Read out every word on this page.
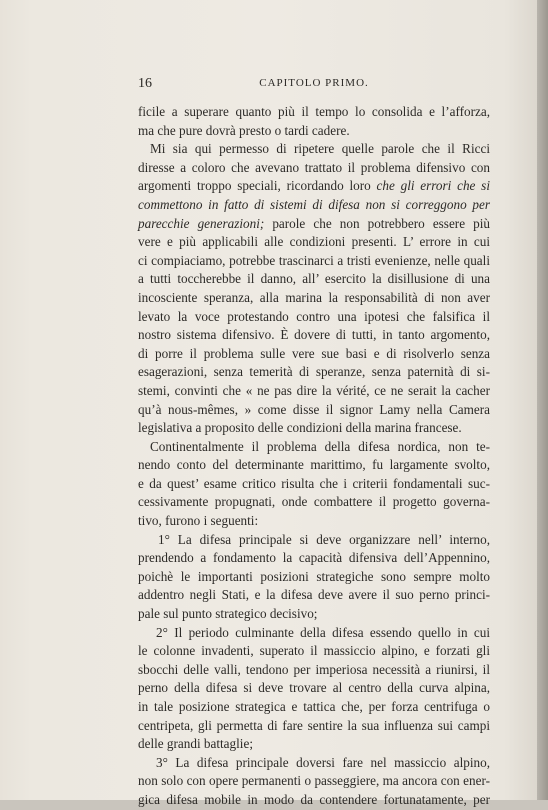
16	CAPITOLO PRIMO.
ficile a superare quanto più il tempo lo consolida e l’afforza,
ma che pure dovrà presto o tardi cadere.
Mi sia qui permesso di ripetere quelle parole che il Ricci
diresse a coloro che avevano trattato il problema difensivo con
argomenti troppo speciali, ricordando loro che gli errori che si
commettono in fatto di sistemi di difesa non si correggono per
parecchie generazioni; parole che non potrebbero essere più
vere e più applicabili alle condizioni presenti. L’ errore in cui
ci compiaciamo, potrebbe trascinarci a tristi evenienze, nelle quali
a tutti toccherebbe il danno, all’ esercito la disillusione di una
incosciente speranza, alla marina la responsabilità di non aver
levato la voce protestando contro una ipotesi che falsifica il
nostro sistema difensivo. È dovere di tutti, in tanto argomento,
di porre il problema sulle vere sue basi e di risolverlo senza
esagerazioni, senza temerità di speranze, senza paternità di si-
stemi, convinti che « ne pas dire la vérité, ce ne serait la cacher
qu’à nous-mêmes, » come disse il signor Lamy nella Camera
legislativa a proposito delle condizioni della marina francese.
Continentalmente il problema della difesa nordica, non te-
nendo conto del determinante marittimo, fu largamente svolto,
e da quest’ esame critico risulta che i criterii fondamentali suc-
cessivamente propugnati, onde combattere il progetto governa-
tivo, furono i seguenti:
1° La difesa principale si deve organizzare nell’ interno,
prendendo a fondamento la capacità difensiva dell’Appennino,
poichè le importanti posizioni strategiche sono sempre molto
addentro negli Stati, e la difesa deve avere il suo perno princi-
pale sul punto strategico decisivo;
2° Il periodo culminante della difesa essendo quello in cui
le colonne invadenti, superato il massiccio alpino, e forzati gli
sbocchi delle valli, tendono per imperiosa necessità a riunirsi, il
perno della difesa si deve trovare al centro della curva alpina,
in tale posizione strategica e tattica che, per forza centrifuga o
centripeta, gli permetta di fare sentire la sua influenza sui campi
delle grandi battaglie;
3° La difesa principale doversi fare nel massiccio alpino,
non solo con opere permanenti o passeggiere, ma ancora con ener-
gica difesa mobile in modo da contendere fortunatamente, per
